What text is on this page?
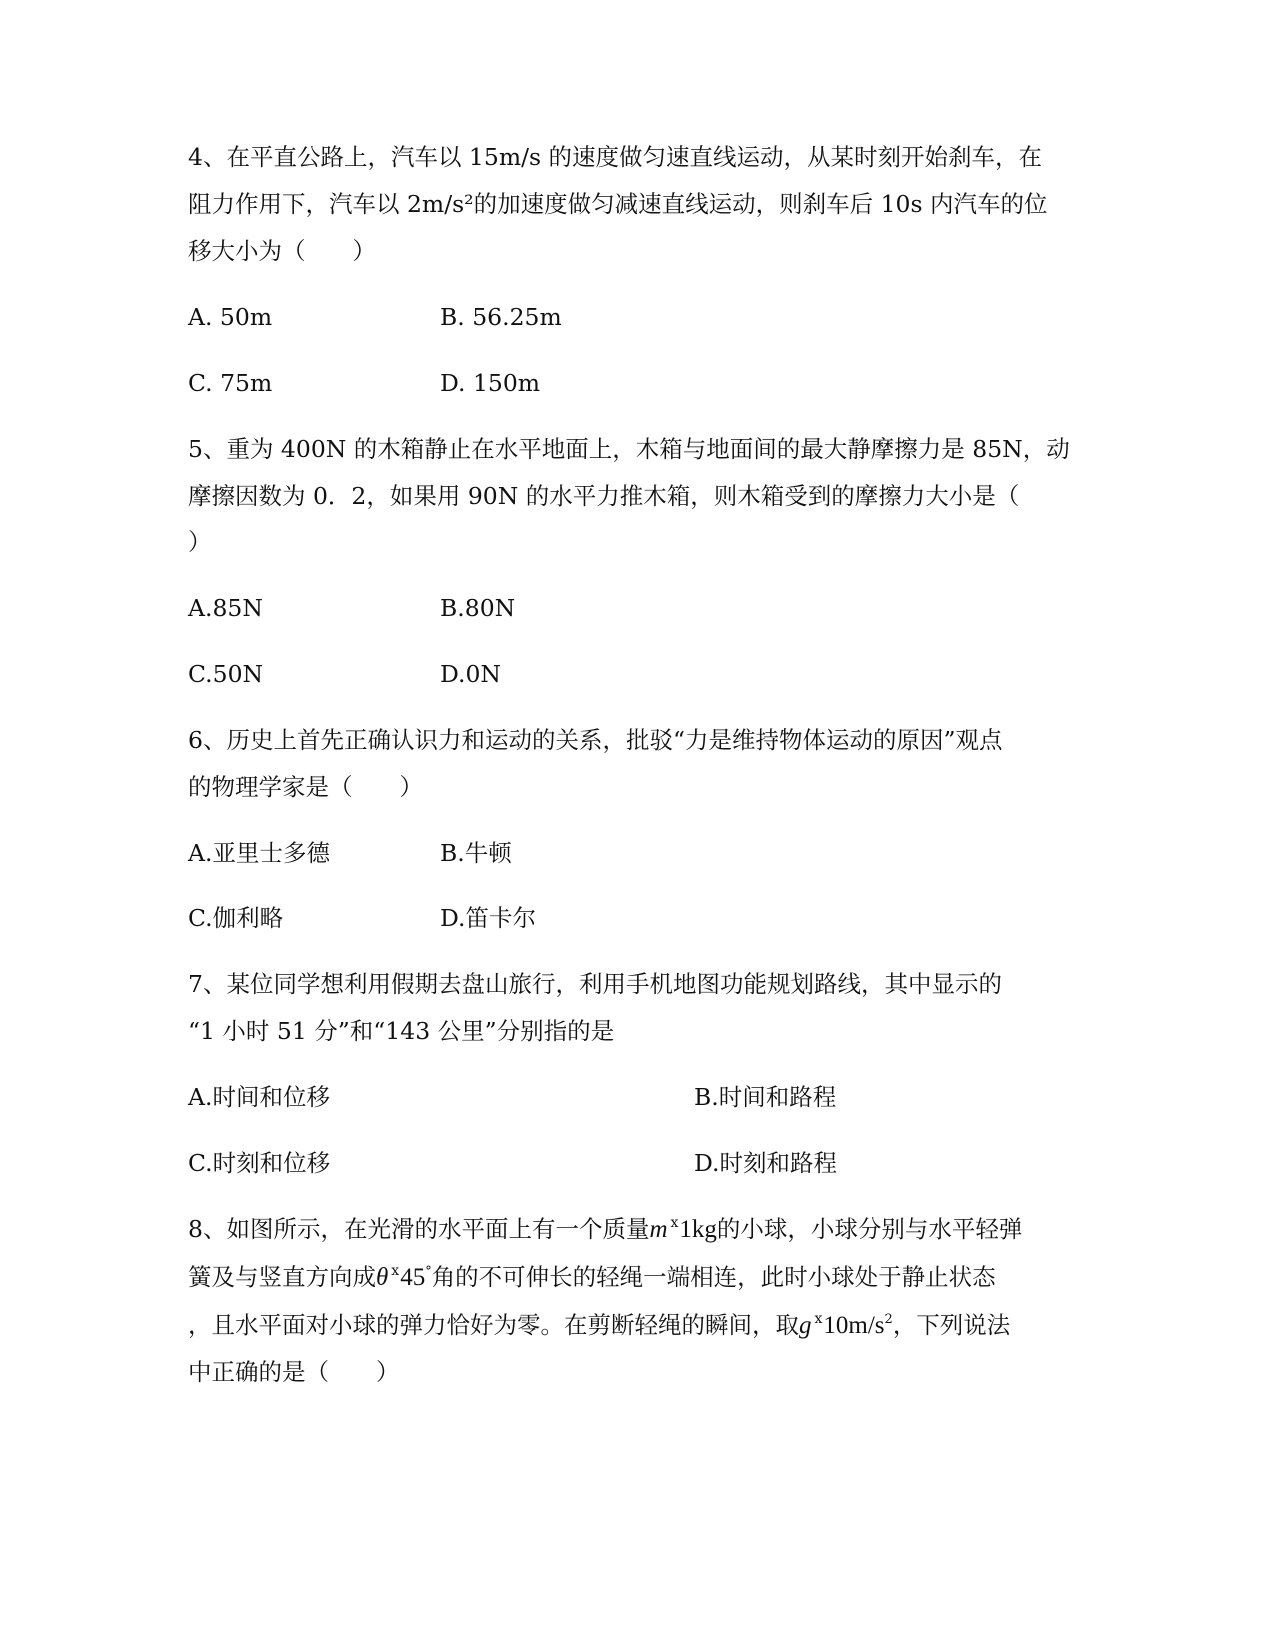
4、在平直公路上，汽车以 15m/s 的速度做匀速直线运动，从某时刻开始刹车，在
阻力作用下，汽车以 2m/s²的加速度做匀减速直线运动，则刹车后 10s 内汽车的位
移大小为（　　）
A. 50m	B. 56.25m
C. 75m	D. 150m
5、重为 400N 的木箱静止在水平地面上，木箱与地面间的最大静摩擦力是 85N，动
摩擦因数为 0．2，如果用 90N 的水平力推木箱，则木箱受到的摩擦力大小是（
）
A.85N	B.80N
C.50N	D.0N
6、历史上首先正确认识力和运动的关系，批驳“力是维持物体运动的原因”观点
的物理学家是（　　）
A.亚里士多德	B.牛顿
C.伽利略	D.笛卡尔
7、某位同学想利用假期去盘山旅行，利用手机地图功能规划路线，其中显示的
“1 小时 51 分”和“143 公里”分别指的是
A.时间和位移	B.时间和路程
C.时刻和位移	D.时刻和路程
8、如图所示，在光滑的水平面上有一个质量m $^ⅹ$1kg的小球，小球分别与水平轻弹
簧及与竖直方向成θ $^ⅹ$45°角的不可伸长的轻绳一端相连，此时小球处于静止状态
，且水平面对小球的弹力恰好为零。在剪断轻绳的瞬间，取g $^ⅹ10m/s^2$，下列说法
中正确的是（　　）
